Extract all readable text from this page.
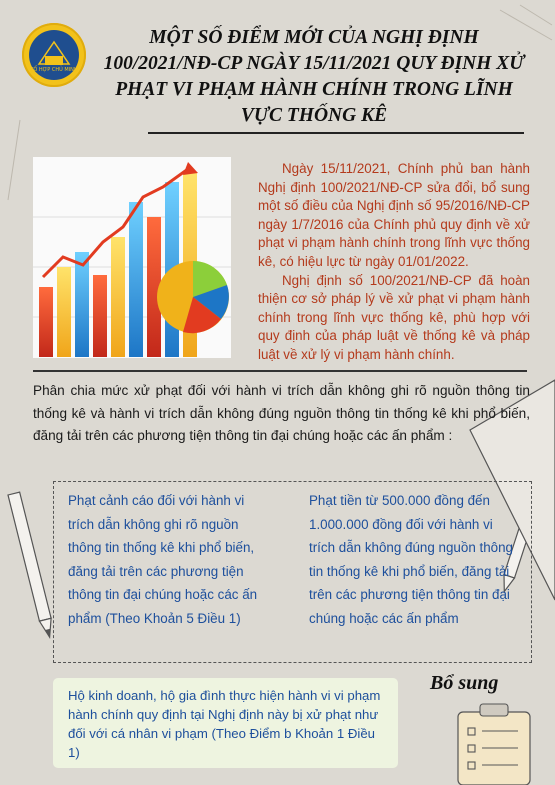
ĐIỀN 4
TỔ HỢP CHỦ MINH
MỘT SỐ ĐIỂM MỚI CỦA NGHỊ ĐỊNH 100/2021/NĐ-CP NGÀY 15/11/2021 QUY ĐỊNH XỬ PHẠT VI PHẠM HÀNH CHÍNH TRONG LĨNH VỰC THỐNG KÊ

Ngày 15/11/2021, Chính phủ ban hành Nghị định 100/2021/NĐ-CP sửa đổi, bổ sung một số điều của Nghị định số 95/2016/NĐ-CP ngày 1/7/2016 của Chính phủ quy định về xử phạt vi phạm hành chính trong lĩnh vực thống kê, có hiệu lực từ ngày 01/01/2022.

Nghị định số 100/2021/NĐ-CP đã hoàn thiện cơ sở pháp lý về xử phạt vi phạm hành chính trong lĩnh vực thống kê, phù hợp với quy định của pháp luật về thống kê và pháp luật về xử lý vi phạm hành chính.

Phân chia mức xử phạt đối với hành vi trích dẫn không ghi rõ nguồn thông tin thống kê và hành vi trích dẫn không đúng nguồn thông tin thống kê khi phổ biến, đăng tải trên các phương tiện thông tin đại chúng hoặc các ấn phẩm :
Phạt cảnh cáo đối với hành vi trích dẫn không ghi rõ nguồn thông tin thống kê khi phổ biến, đăng tải trên các phương tiện thông tin đại chúng hoặc các ấn phẩm (Theo Khoản 5 Điều 1)
Phạt tiền từ 500.000 đồng đến 1.000.000 đồng đối với hành vi trích dẫn không đúng nguồn thông tin thống kê khi phổ biến, đăng tải trên các phương tiện thông tin đại chúng hoặc các ấn phẩm
Bổ sung
Hộ kinh doanh, hộ gia đình thực hiện hành vi vi phạm hành chính quy định tại Nghị định này bị xử phạt như đối với cá nhân vi phạm (Theo Điểm b Khoản 1 Điều 1)
